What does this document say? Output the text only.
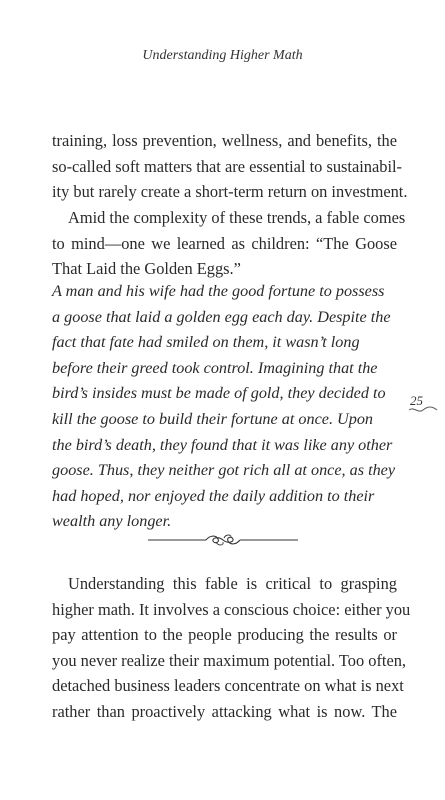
Understanding Higher Math
training, loss prevention, wellness, and benefits, the
so-called soft matters that are essential to sustainabil-
ity but rarely create a short-term return on investment.
Amid the complexity of these trends, a fable comes
to mind—one we learned as children: “The Goose
That Laid the Golden Eggs.”
A man and his wife had the good fortune to possess
a goose that laid a golden egg each day. Despite the
fact that fate had smiled on them, it wasn’t long
before their greed took control. Imagining that the
bird’s insides must be made of gold, they decided to
kill the goose to build their fortune at once. Upon
the bird’s death, they found that it was like any other
goose. Thus, they neither got rich all at once, as they
had hoped, nor enjoyed the daily addition to their
wealth any longer.
25
Understanding this fable is critical to grasping
higher math. It involves a conscious choice: either you
pay attention to the people producing the results or
you never realize their maximum potential. Too often,
detached business leaders concentrate on what is next
rather than proactively attacking what is now. The
